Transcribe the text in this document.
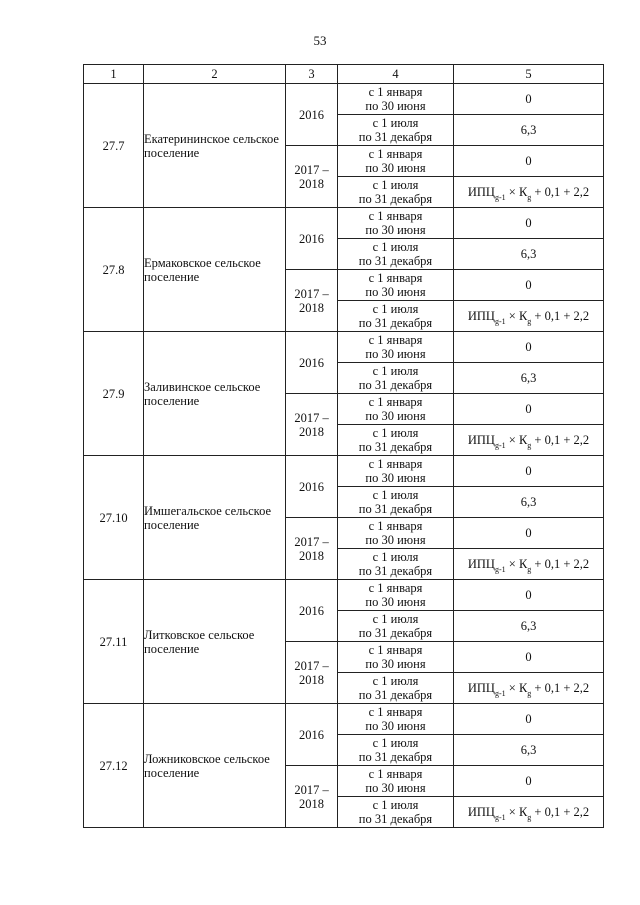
53
1	2	3	4	5
27.7	Екатерининское сельское поселение	2016	с 1 января
по 30 июня	0
			с 1 июля
по 31 декабря	6,3
		2017 –
2018	с 1 января
по 30 июня	0
			с 1 июля
по 31 декабря	$ИПЦ_{g-1} \times К_g + 0,1 + 2,2$
27.8	Ермаковское сельское поселение	2016	с 1 января
по 30 июня	0
			с 1 июля
по 31 декабря	6,3
		2017 –
2018	с 1 января
по 30 июня	0
			с 1 июля
по 31 декабря	$ИПЦ_{g-1} \times К_g + 0,1 + 2,2$
27.9	Заливинское сельское поселение	2016	с 1 января
по 30 июня	0
			с 1 июля
по 31 декабря	6,3
		2017 –
2018	с 1 января
по 30 июня	0
			с 1 июля
по 31 декабря	$ИПЦ_{g-1} \times К_g + 0,1 + 2,2$
27.10	Имшегальское сельское поселение	2016	с 1 января
по 30 июня	0
			с 1 июля
по 31 декабря	6,3
		2017 –
2018	с 1 января
по 30 июня	0
			с 1 июля
по 31 декабря	$ИПЦ_{g-1} \times К_g + 0,1 + 2,2$
27.11	Литковское сельское поселение	2016	с 1 января
по 30 июня	0
			с 1 июля
по 31 декабря	6,3
		2017 –
2018	с 1 января
по 30 июня	0
			с 1 июля
по 31 декабря	$ИПЦ_{g-1} \times К_g + 0,1 + 2,2$
27.12	Ложниковское сельское поселение	2016	с 1 января
по 30 июня	0
			с 1 июля
по 31 декабря	6,3
		2017 –
2018	с 1 января
по 30 июня	0
			с 1 июля
по 31 декабря	$ИПЦ_{g-1} \times К_g + 0,1 + 2,2$
